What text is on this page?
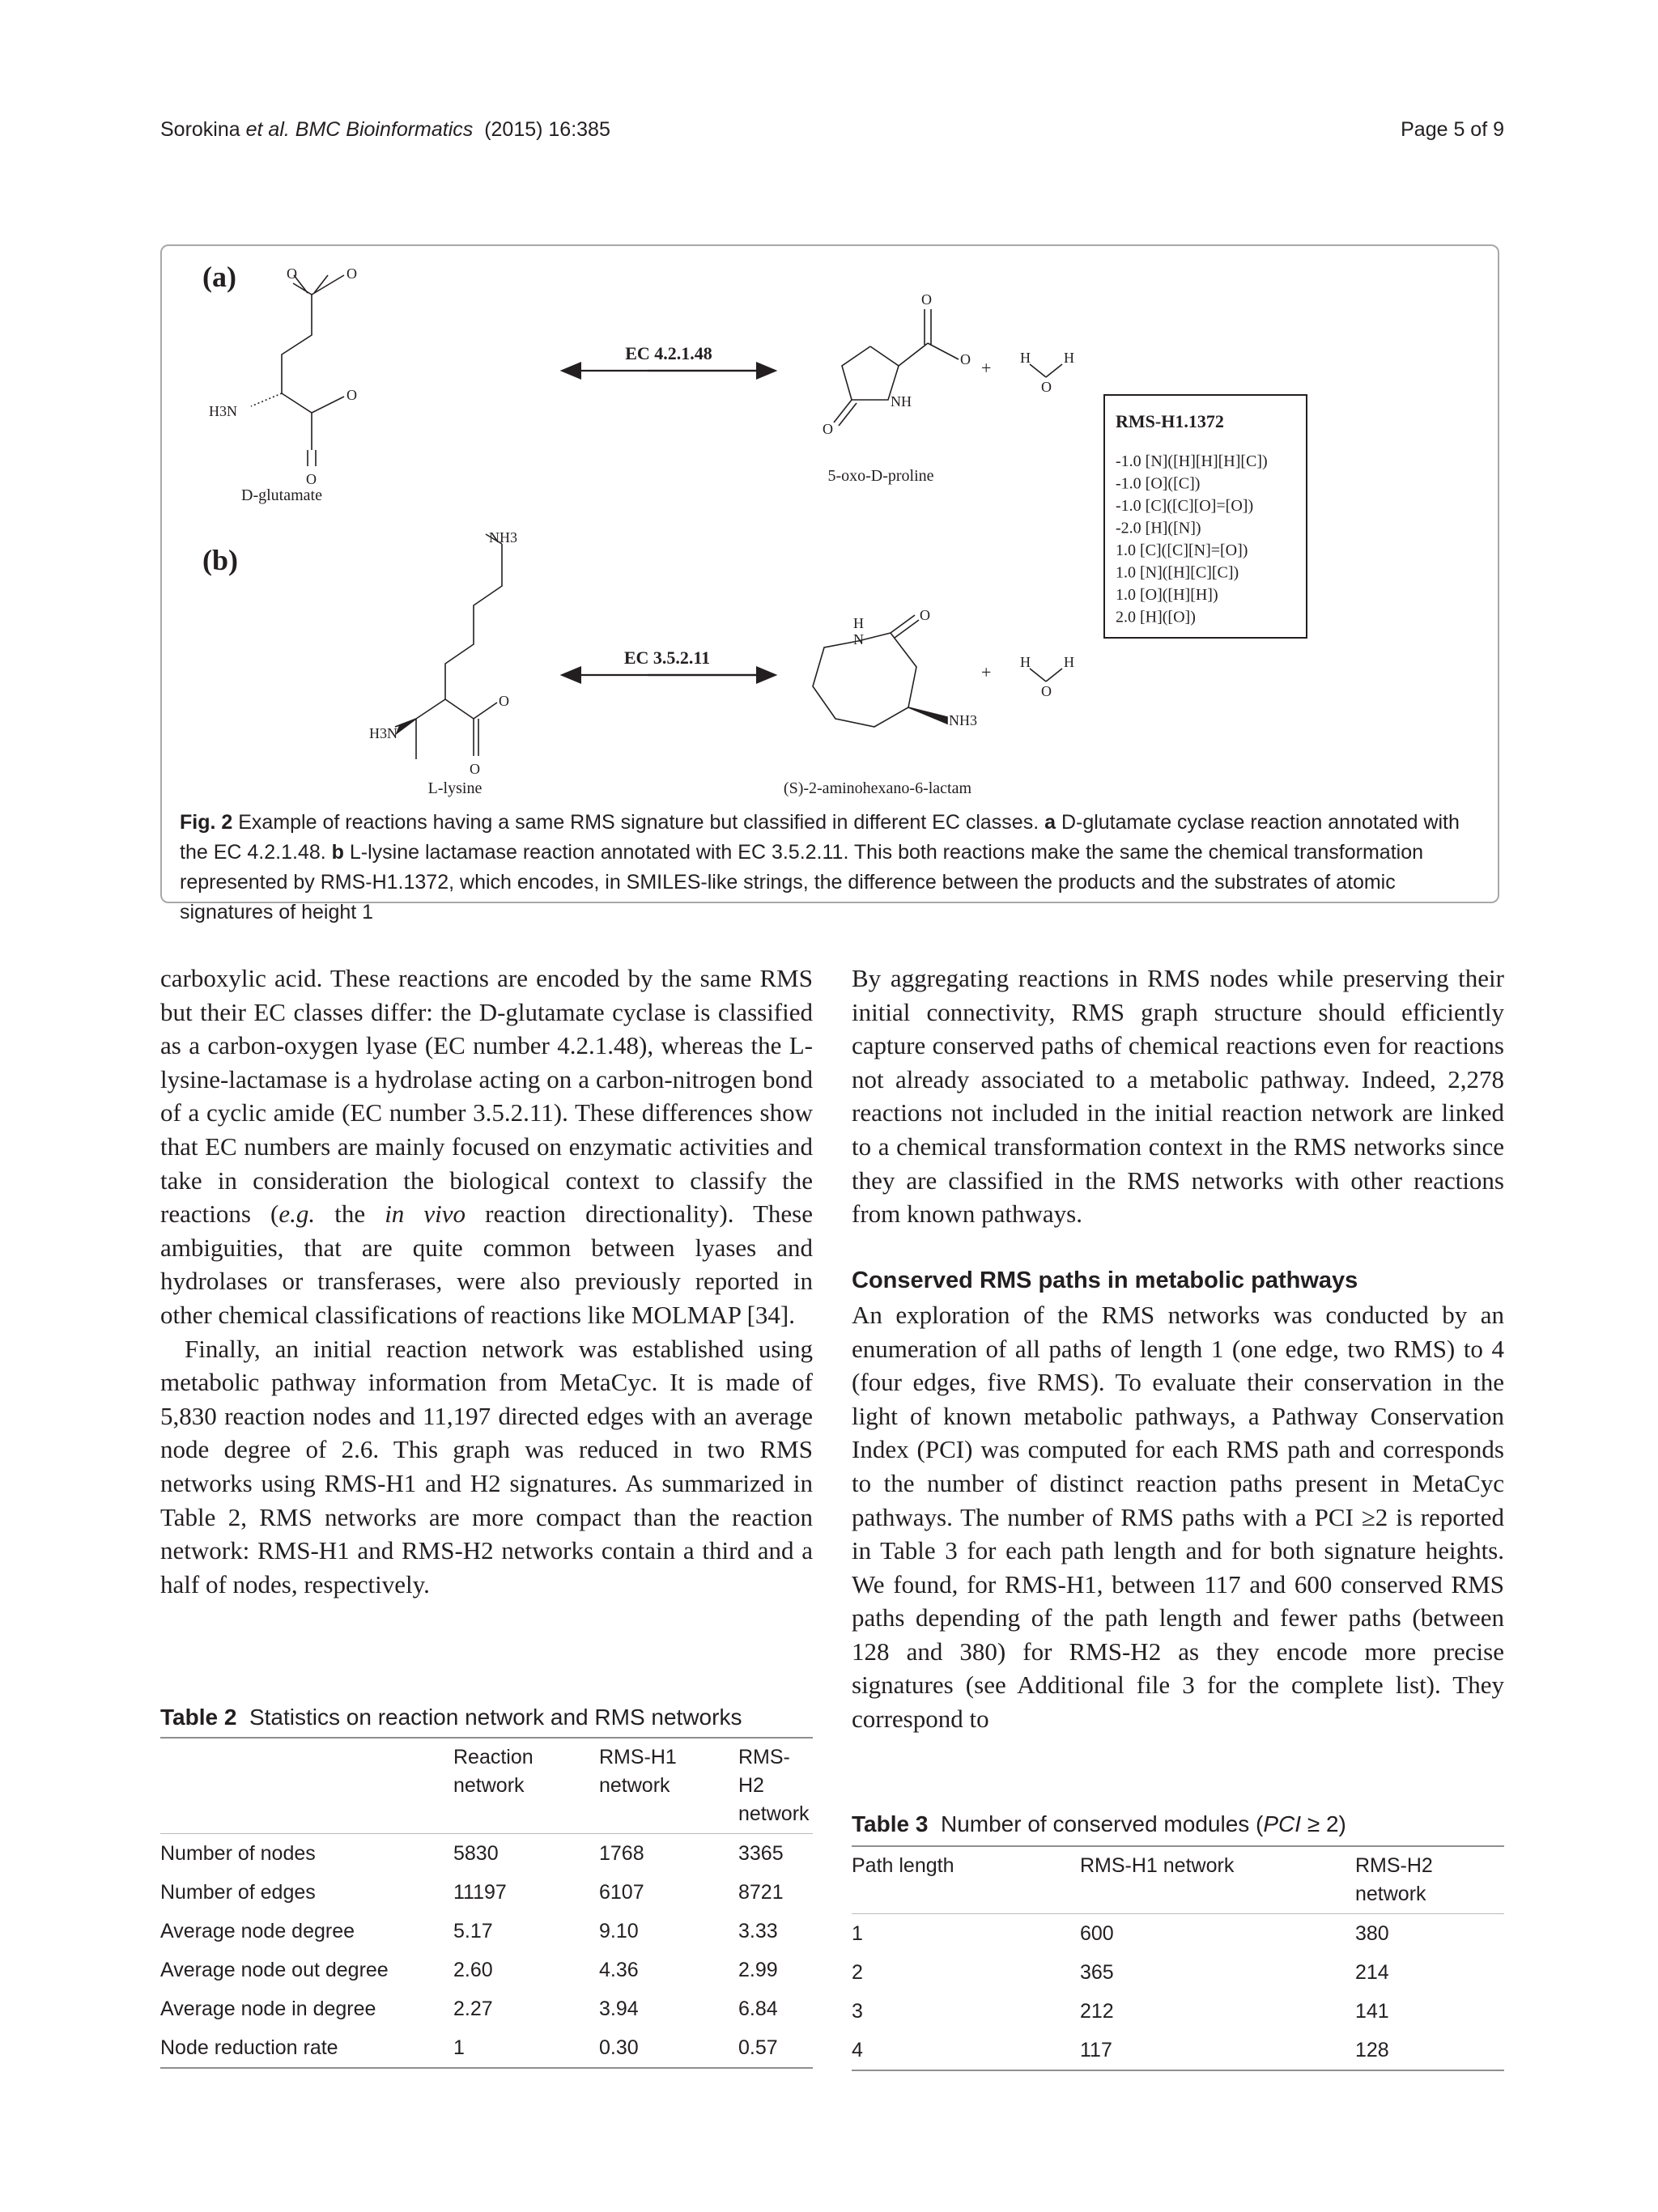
Sorokina et al. BMC Bioinformatics (2015) 16:385	Page 5 of 9
(a)
(b)
O	O
O
O
H3N
D-glutamate
EC 4.2.1.48
O
O
NH
O
5-oxo-D-proline
+ H H
O
NH3
O
O
H3N
L-lysine
EC 3.5.2.11
H
N
O
NH3
(S)-2-aminohexano-6-lactam
+ H H
O
RMS-H1.1372
-1.0 [N]([H][H][H][C])
-1.0 [O]([C])
-1.0 [C]([C][O]=[O])
-2.0 [H]([N])
1.0 [C]([C][N]=[O])
1.0 [N]([H][C][C])
1.0 [O]([H][H])
2.0 [H]([O])
Fig. 2 Example of reactions having a same RMS signature but classified in different EC classes. a D-glutamate cyclase reaction annotated with the EC 4.2.1.48. b L-lysine lactamase reaction annotated with EC 3.5.2.11. This both reactions make the same the chemical transformation represented by RMS-H1.1372, which encodes, in SMILES-like strings, the difference between the products and the substrates of atomic signatures of height 1

carboxylic acid. These reactions are encoded by the same RMS but their EC classes differ: the D-glutamate cyclase is classified as a carbon-oxygen lyase (EC number 4.2.1.48), whereas the L-lysine-lactamase is a hydrolase acting on a carbon-nitrogen bond of a cyclic amide (EC number 3.5.2.11). These differences show that EC numbers are mainly focused on enzymatic activities and take in consideration the biological context to classify the reactions (e.g. the in vivo reaction directionality). These ambiguities, that are quite common between lyases and hydrolases or transferases, were also previously reported in other chemical classifications of reactions like MOLMAP [34].

Finally, an initial reaction network was established using metabolic pathway information from MetaCyc. It is made of 5,830 reaction nodes and 11,197 directed edges with an average node degree of 2.6. This graph was reduced in two RMS networks using RMS-H1 and H2 signatures. As summarized in Table 2, RMS networks are more compact than the reaction network: RMS-H1 and RMS-H2 networks contain a third and a half of nodes, respectively.

By aggregating reactions in RMS nodes while preserving their initial connectivity, RMS graph structure should efficiently capture conserved paths of chemical reactions even for reactions not already associated to a metabolic pathway. Indeed, 2,278 reactions not included in the initial reaction network are linked to a chemical transformation context in the RMS networks since they are classified in the RMS networks with other reactions from known pathways.

Conserved RMS paths in metabolic pathways

An exploration of the RMS networks was conducted by an enumeration of all paths of length 1 (one edge, two RMS) to 4 (four edges, five RMS). To evaluate their conservation in the light of known metabolic pathways, a Pathway Conservation Index (PCI) was computed for each RMS path and corresponds to the number of distinct reaction paths present in MetaCyc pathways. The number of RMS paths with a PCI ≥2 is reported in Table 3 for each path length and for both signature heights. We found, for RMS-H1, between 117 and 600 conserved RMS paths depending of the path length and fewer paths (between 128 and 380) for RMS-H2 as they encode more precise signatures (see Additional file 3 for the complete list). They correspond to

Table 2 Statistics on reaction network and RMS networks
	Reaction network	RMS-H1 network	RMS-H2 network
Number of nodes	5830	1768	3365
Number of edges	11197	6107	8721
Average node degree	5.17	9.10	3.33
Average node out degree	2.60	4.36	2.99
Average node in degree	2.27	3.94	6.84
Node reduction rate	1	0.30	0.57
Table 3 Number of conserved modules (PCI ≥ 2)
Path length	RMS-H1 network	RMS-H2 network
1	600	380
2	365	214
3	212	141
4	117	128
